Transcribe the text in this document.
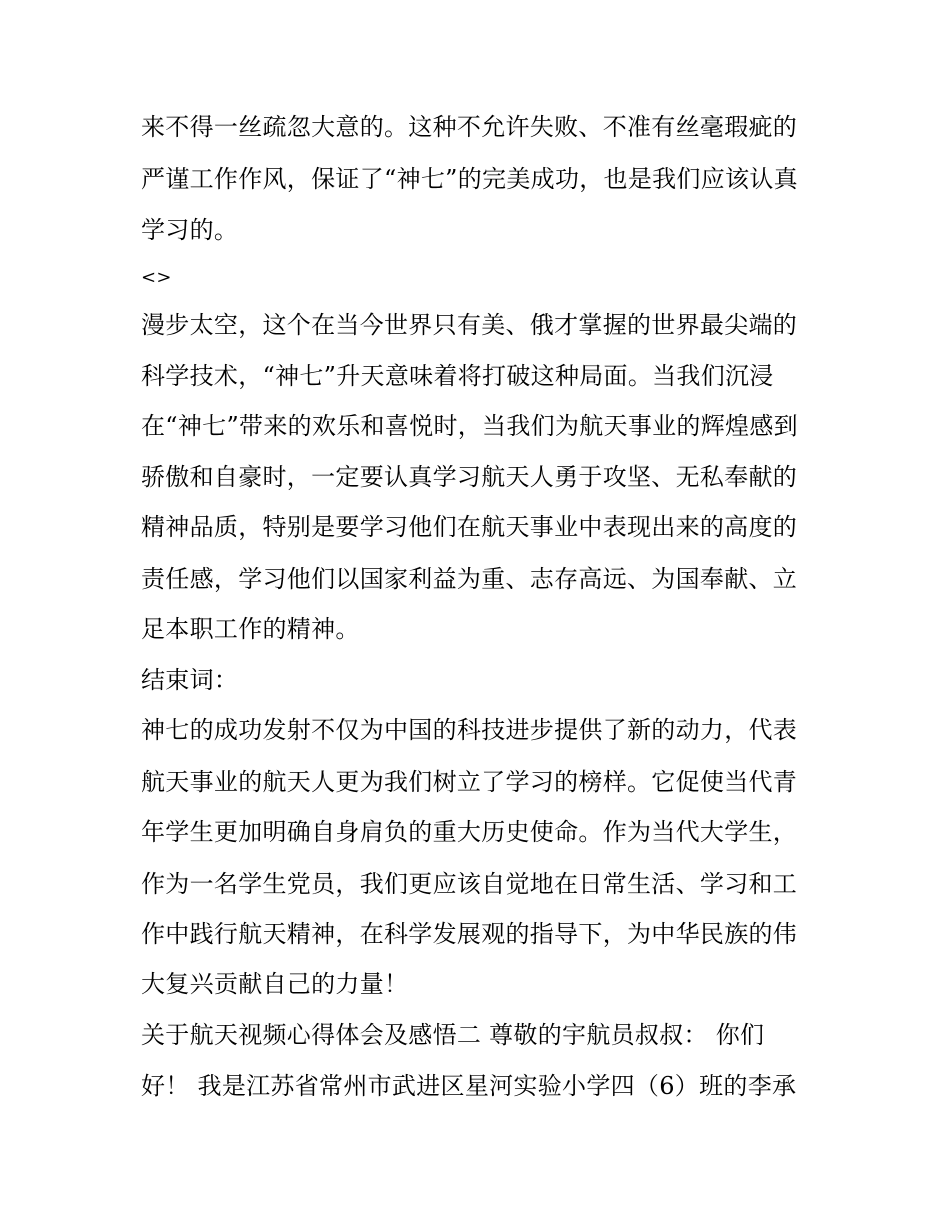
来不得一丝疏忽大意的。这种不允许失败、不准有丝毫瑕疵的
严谨工作作风，保证了“神七”的完美成功，也是我们应该认真
学习的。
<>
漫步太空，这个在当今世界只有美、俄才掌握的世界最尖端的
科学技术，“神七”升天意味着将打破这种局面。当我们沉浸
在“神七”带来的欢乐和喜悦时，当我们为航天事业的辉煌感到
骄傲和自豪时，一定要认真学习航天人勇于攻坚、无私奉献的
精神品质，特别是要学习他们在航天事业中表现出来的高度的
责任感，学习他们以国家利益为重、志存高远、为国奉献、立
足本职工作的精神。
结束词：
神七的成功发射不仅为中国的科技进步提供了新的动力，代表
航天事业的航天人更为我们树立了学习的榜样。它促使当代青
年学生更加明确自身肩负的重大历史使命。作为当代大学生，
作为一名学生党员，我们更应该自觉地在日常生活、学习和工
作中践行航天精神，在科学发展观的指导下，为中华民族的伟
大复兴贡献自己的力量！
关于航天视频心得体会及感悟二 尊敬的宇航员叔叔： 你们
好！ 我是江苏省常州市武进区星河实验小学四（6）班的李承
